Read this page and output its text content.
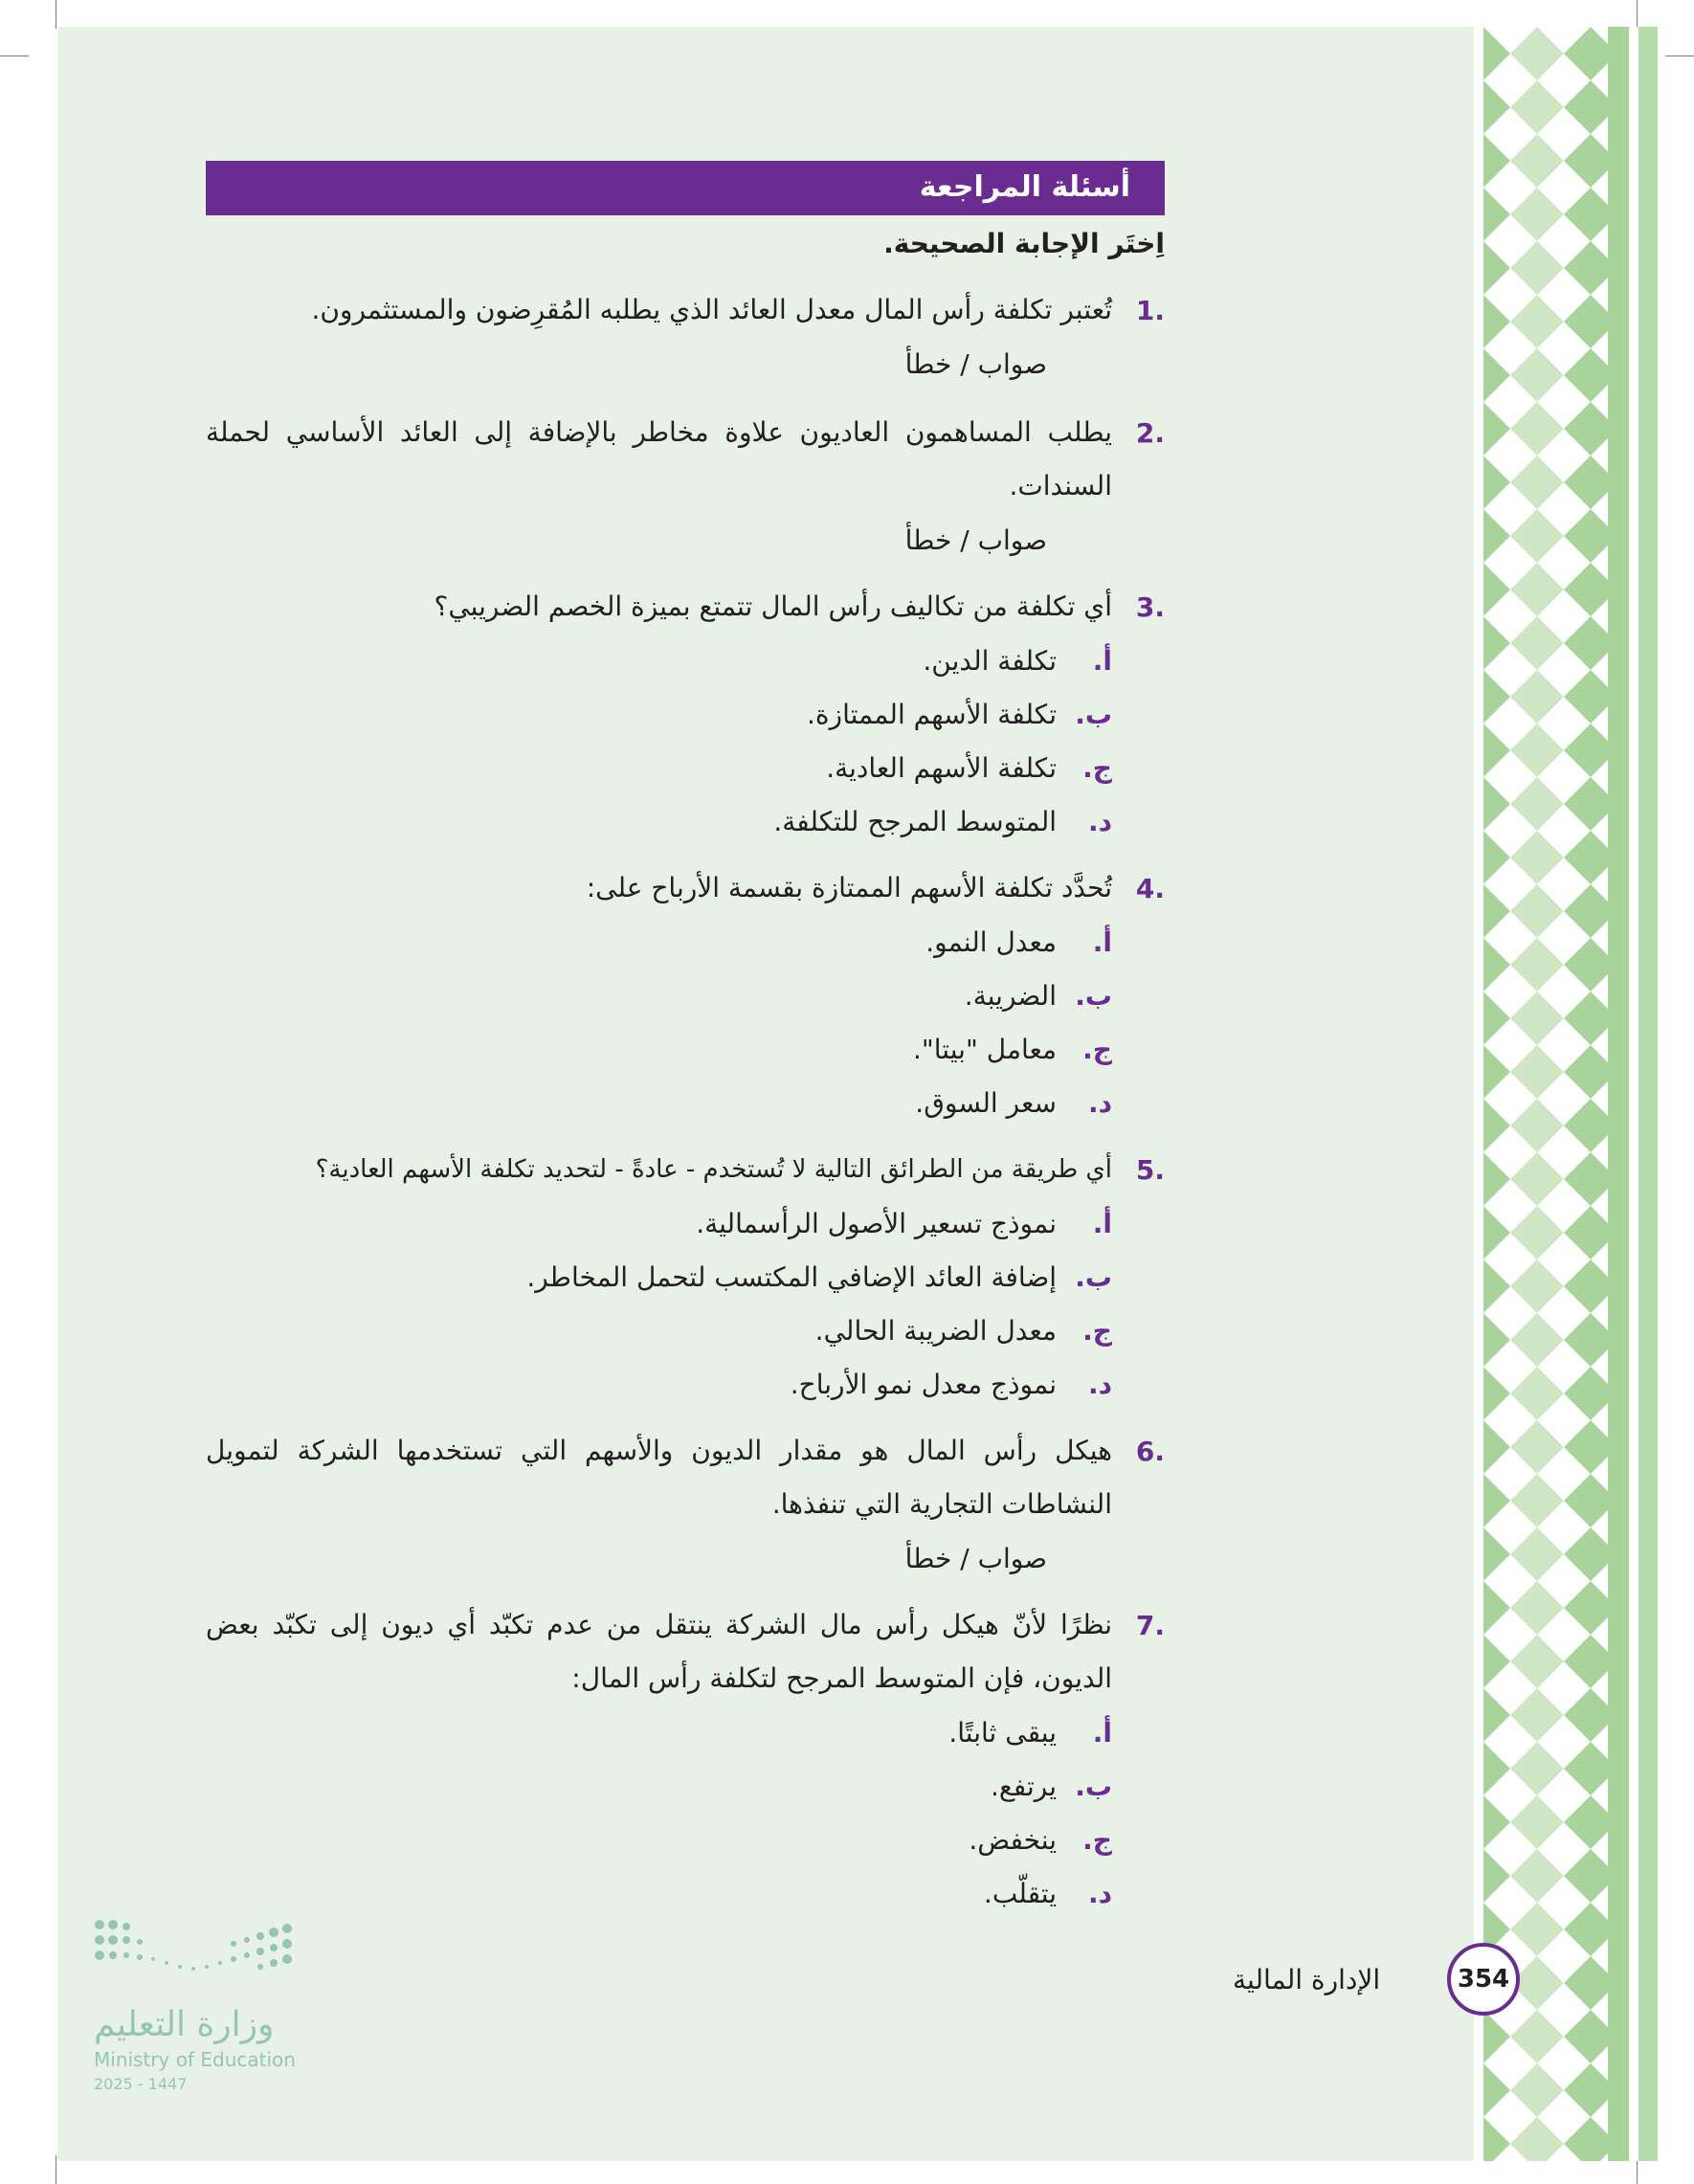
أسئلة المراجعة
اِختَر الإجابة الصحيحة.
.1
تُعتبر تكلفة رأس المال معدل العائد الذي يطلبه المُقرِضون والمستثمرون.
صواب / خطأ
.2
يطلب المساهمون العاديون علاوة مخاطر بالإضافة إلى العائد الأساسي لحملة السندات.
صواب / خطأ
.3
أي تكلفة من تكاليف رأس المال تتمتع بميزة الخصم الضريبي؟
أ.تكلفة الدين.
ب.تكلفة الأسهم الممتازة.
ج.تكلفة الأسهم العادية.
د.المتوسط المرجح للتكلفة.
.4
تُحدَّد تكلفة الأسهم الممتازة بقسمة الأرباح على:
أ.معدل النمو.
ب.الضريبة.
ج.معامل "بيتا".
د.سعر السوق.
.5
أي طريقة من الطرائق التالية لا تُستخدم - عادةً - لتحديد تكلفة الأسهم العادية؟
أ.نموذج تسعير الأصول الرأسمالية.
ب.إضافة العائد الإضافي المكتسب لتحمل المخاطر.
ج.معدل الضريبة الحالي.
د.نموذج معدل نمو الأرباح.
.6
هيكل رأس المال هو مقدار الديون والأسهم التي تستخدمها الشركة لتمويل النشاطات التجارية التي تنفذها.
صواب / خطأ
.7
نظرًا لأنّ هيكل رأس مال الشركة ينتقل من عدم تكبّد أي ديون إلى تكبّد بعض الديون، فإن المتوسط المرجح لتكلفة رأس المال:
أ.يبقى ثابتًا.
ب.يرتفع.
ج.ينخفض.
د.يتقلّب.
الإدارة المالية	354
وزارة التعليم
Ministry of Education
2025 - 1447
